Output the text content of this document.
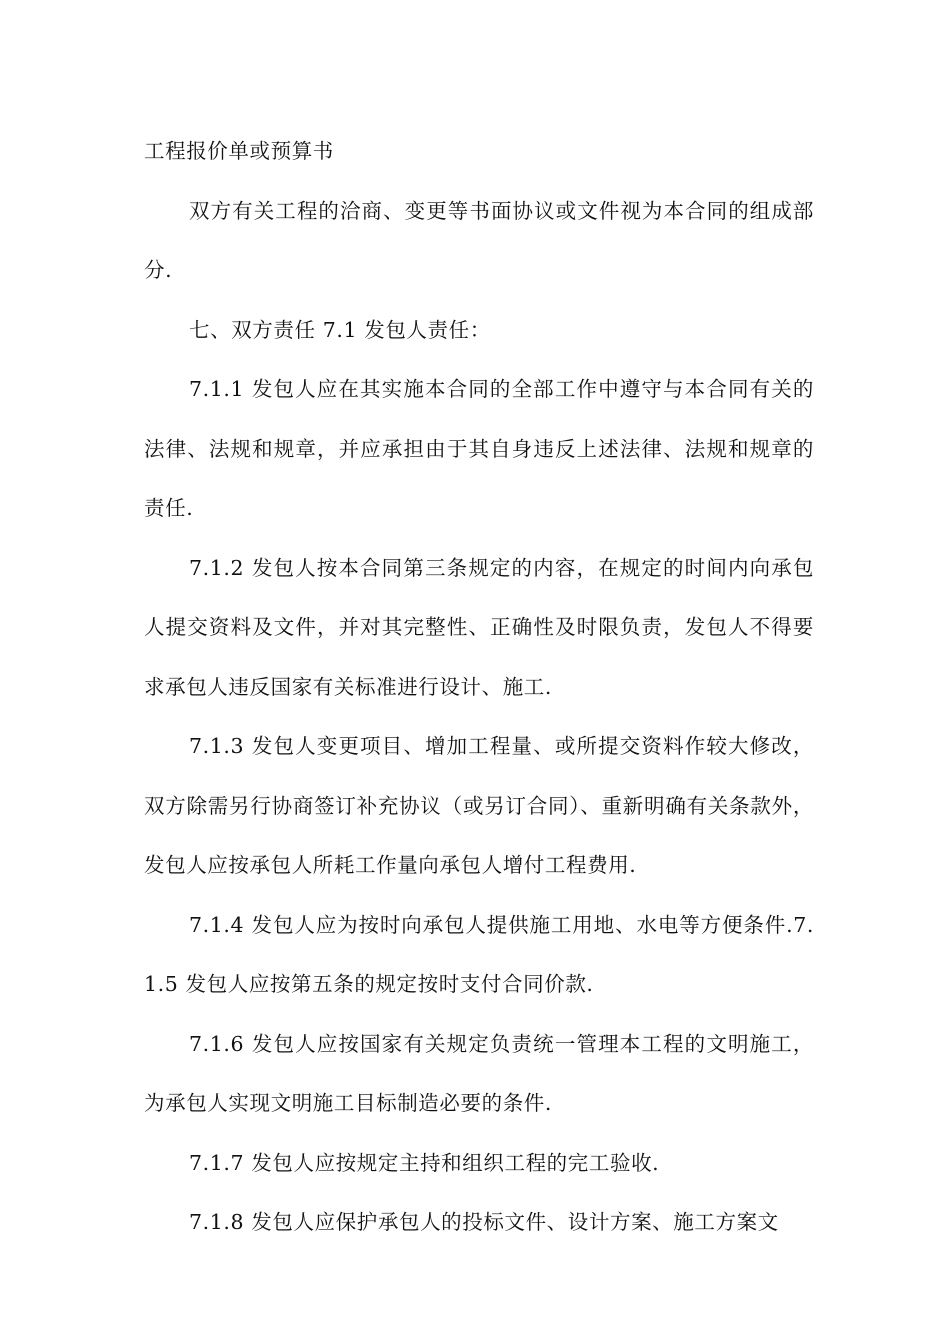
工程报价单或预算书

双方有关工程的洽商、变更等书面协议或文件视为本合同的组成部分.

七、双方责任 7.1 发包人责任：

7.1.1 发包人应在其实施本合同的全部工作中遵守与本合同有关的法律、法规和规章，并应承担由于其自身违反上述法律、法规和规章的责任.

7.1.2 发包人按本合同第三条规定的内容，在规定的时间内向承包人提交资料及文件，并对其完整性、正确性及时限负责，发包人不得要求承包人违反国家有关标准进行设计、施工.

7.1.3 发包人变更项目、增加工程量、或所提交资料作较大修改，双方除需另行协商签订补充协议（或另订合同）、重新明确有关条款外，发包人应按承包人所耗工作量向承包人增付工程费用.

7.1.4 发包人应为按时向承包人提供施工用地、水电等方便条件.7.1.5 发包人应按第五条的规定按时支付合同价款.

7.1.6 发包人应按国家有关规定负责统一管理本工程的文明施工，为承包人实现文明施工目标制造必要的条件.

7.1.7 发包人应按规定主持和组织工程的完工验收.

7.1.8 发包人应保护承包人的投标文件、设计方案、施工方案文
